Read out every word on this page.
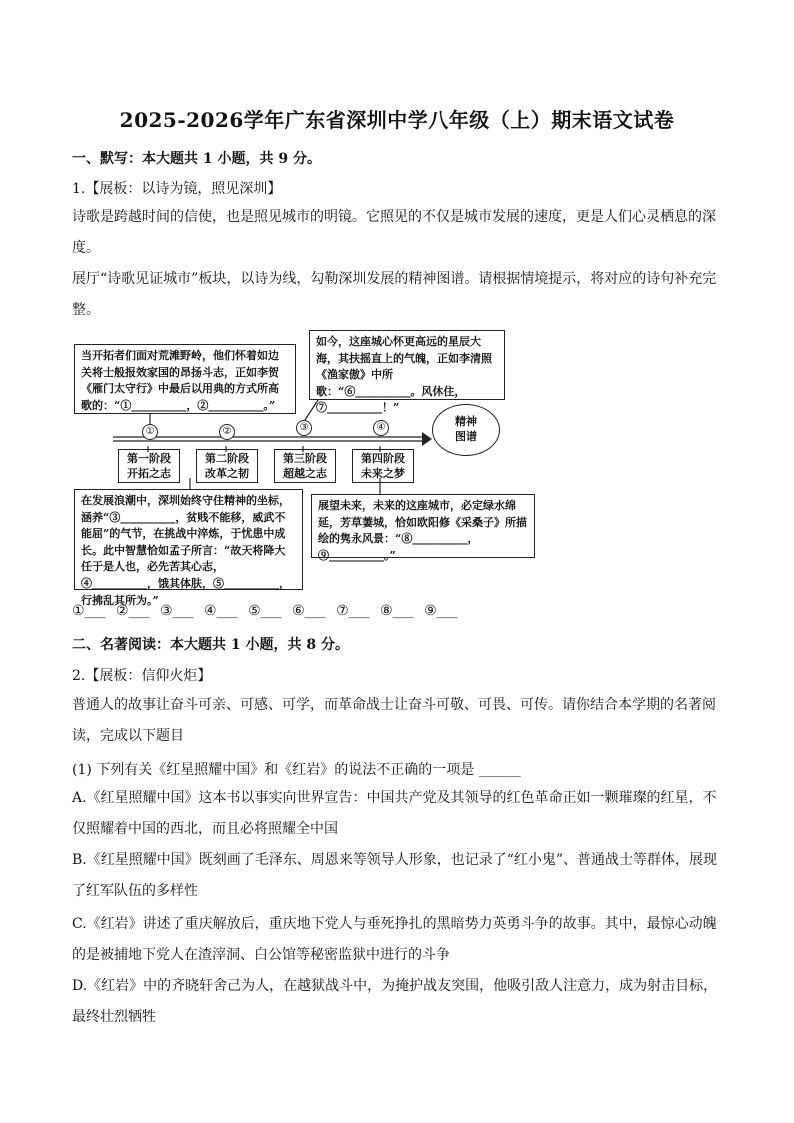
2025-2026学年广东省深圳中学八年级（上）期末语文试卷
一、默写：本大题共 1 小题，共 9 分。
1.【展板：以诗为镜，照见深圳】
诗歌是跨越时间的信使，也是照见城市的明镜。它照见的不仅是城市发展的速度，更是人们心灵栖息的深度。
展厅“诗歌见证城市”板块，以诗为线，勾勒深圳发展的精神图谱。请根据情境提示，将对应的诗句补充完整。
当开拓者们面对荒滩野岭，他们怀着如边关将士般报效家国的昂扬斗志，正如李贺《雁门太守行》中最后以用典的方式所高歌的：“①__________，②__________。”
如今，这座城心怀更高远的星辰大海，其扶摇直上的气魄，正如李清照《渔家傲》中所歌：“⑥__________。风休住，⑦__________！”
①	②	③	④	精神
图谱
第一阶段
开拓之志
第二阶段
改革之韧
第三阶段
超越之志
第四阶段
未来之梦
在发展浪潮中，深圳始终守住精神的坐标，涵养“③__________，贫贱不能移，威武不能屈”的气节，在挑战中淬炼，于忧患中成长。此中智慧恰如孟子所言：“故天将降大任于是人也，必先苦其心志，④__________，饿其体肤，⑤__________，行拂乱其所为。”
展望未来，未来的这座城市，必定绿水绵延，芳草萋城，恰如欧阳修《采桑子》所描绘的隽永风景：“⑧__________，⑨__________。”
①___ ②___ ③___ ④___ ⑤___ ⑥___ ⑦___ ⑧___ ⑨___
二、名著阅读：本大题共 1 小题，共 8 分。
2.【展板：信仰火炬】
普通人的故事让奋斗可亲、可感、可学，而革命战士让奋斗可敬、可畏、可传。请你结合本学期的名著阅读，完成以下题目
(1) 下列有关《红星照耀中国》和《红岩》的说法不正确的一项是 ______
A.《红星照耀中国》这本书以事实向世界宣告：中国共产党及其领导的红色革命正如一颗璀璨的红星，不仅照耀着中国的西北，而且必将照耀全中国
B.《红星照耀中国》既刻画了毛泽东、周恩来等领导人形象，也记录了“红小鬼”、普通战士等群体，展现了红军队伍的多样性
C.《红岩》讲述了重庆解放后，重庆地下党人与垂死挣扎的黑暗势力英勇斗争的故事。其中，最惊心动魄的是被捕地下党人在渣滓洞、白公馆等秘密监狱中进行的斗争
D.《红岩》中的齐晓轩舍己为人，在越狱战斗中，为掩护战友突围，他吸引敌人注意力，成为射击目标，最终壮烈牺牲
